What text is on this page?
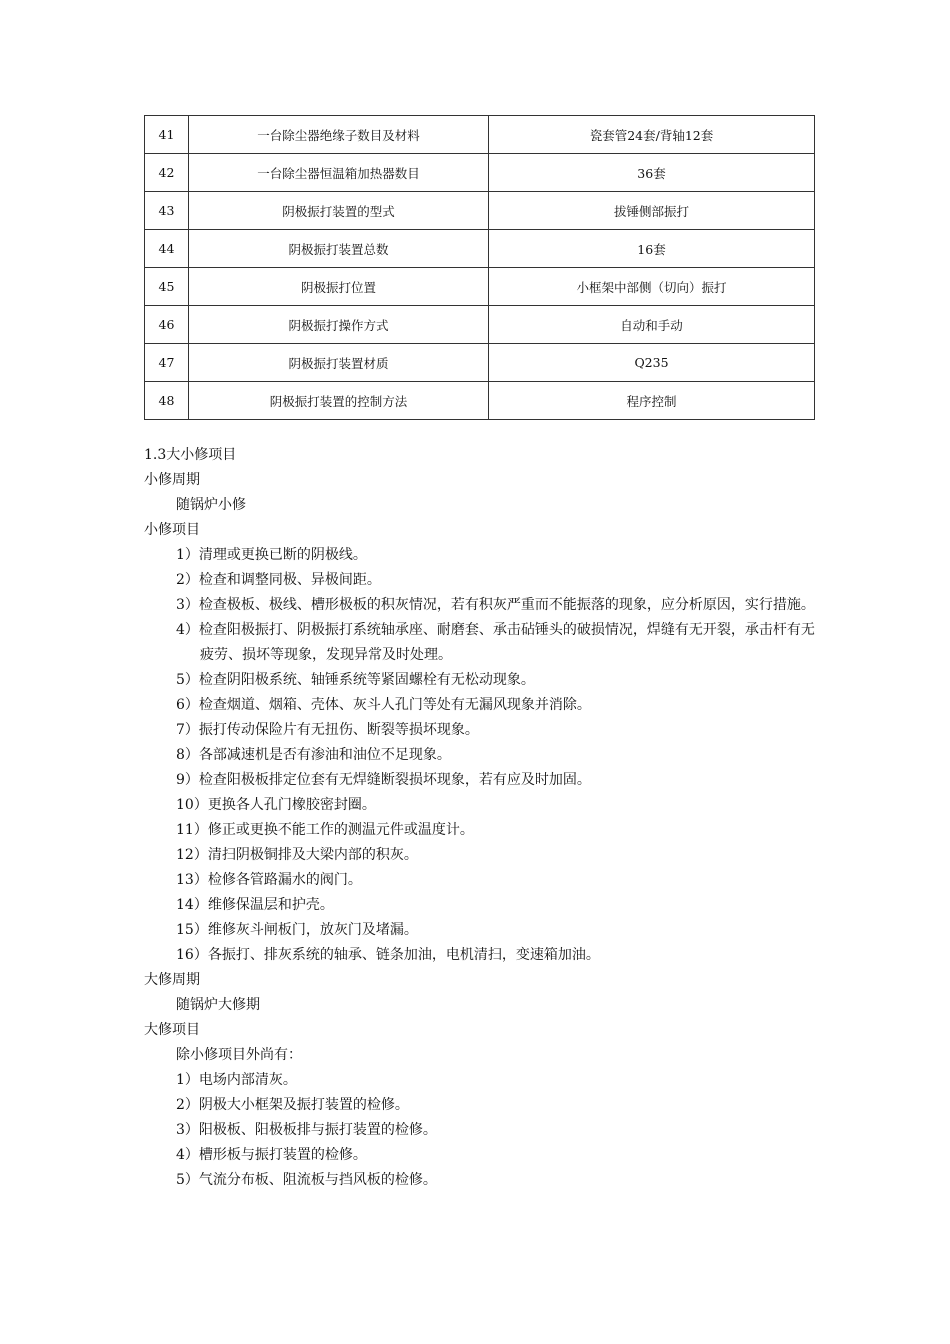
41	一台除尘器绝缘子数目及材料	瓷套管24套/背轴12套
42	一台除尘器恒温箱加热器数目	36套
43	阴极振打装置的型式	拔锤侧部振打
44	阴极振打装置总数	16套
45	阴极振打位置	小框架中部侧（切向）振打
46	阴极振打操作方式	自动和手动
47	阴极振打装置材质	Q235
48	阴极振打装置的控制方法	程序控制
1.3大小修项目
小修周期
随锅炉小修
小修项目
1）清理或更换已断的阴极线。
2）检查和调整同极、异极间距。
3）检查极板、极线、槽形极板的积灰情况，若有积灰严重而不能振落的现象，应分析原因，实行措施。
4）检查阳极振打、阴极振打系统轴承座、耐磨套、承击砧锤头的破损情况，焊缝有无开裂，承击杆有无疲劳、损坏等现象，发现异常及时处理。
5）检查阴阳极系统、轴锤系统等紧固螺栓有无松动现象。
6）检查烟道、烟箱、壳体、灰斗人孔门等处有无漏风现象并消除。
7）振打传动保险片有无扭伤、断裂等损坏现象。
8）各部减速机是否有渗油和油位不足现象。
9）检查阳极板排定位套有无焊缝断裂损坏现象，若有应及时加固。
10）更换各人孔门橡胶密封圈。
11）修正或更换不能工作的测温元件或温度计。
12）清扫阴极铜排及大梁内部的积灰。
13）检修各管路漏水的阀门。
14）维修保温层和护壳。
15）维修灰斗闸板门，放灰门及堵漏。
16）各振打、排灰系统的轴承、链条加油，电机清扫，变速箱加油。
大修周期
随锅炉大修期
大修项目
除小修项目外尚有：
1）电场内部清灰。
2）阴极大小框架及振打装置的检修。
3）阳极板、阳极板排与振打装置的检修。
4）槽形板与振打装置的检修。
5）气流分布板、阻流板与挡风板的检修。
